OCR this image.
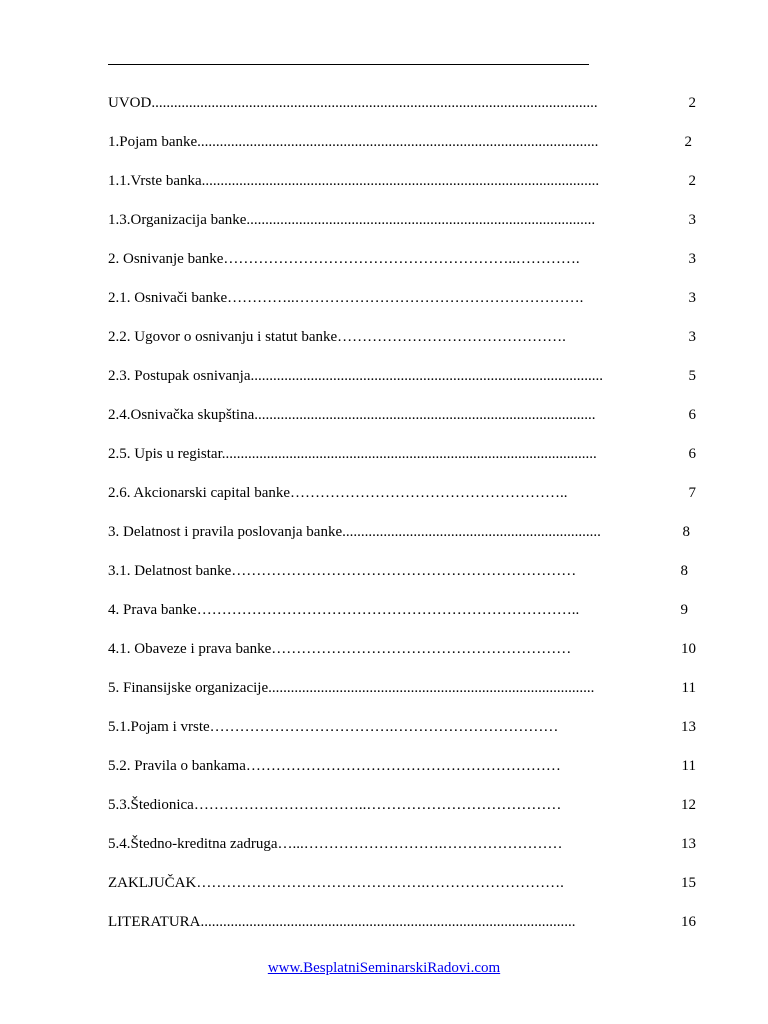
UVOD.......................................................................................................................	2
1.Pojam banke...........................................................................................................	2
1.1.Vrste banka..........................................................................................................	2
1.3.Organizacija banke.............................................................................................	3
2. Osnivanje banke…………………………………………………..………….	3
2.1. Osnivači banke…………..………………………………………………….	3
2.2. Ugovor o osnivanju i statut banke……………………………………….	3
2.3. Postupak osnivanja..............................................................................................	5
2.4.Osnivačka skupština...........................................................................................	6
2.5. Upis u registar....................................................................................................	6
2.6. Akcionarski capital banke………………………………………………..	7
3. Delatnost i pravila poslovanja banke.....................................................................	8
3.1. Delatnost banke……………………………………………………………	8
4. Prava banke…………………………………………………………………..	9
4.1. Obaveze i prava banke……………………………………………………	10
5. Finansijske organizacije.......................................................................................	11
5.1.Pojam i vrste……………………………….……………………………	13
5.2. Pravila o bankama………………………………………………………	11
5.3.Štedionica……………………………..…………………………………	12
5.4.Štedno-kreditna zadruga…...……………………….……………………	13
ZAKLJUČAK……………………………………….……………………….	15
LITERATURA....................................................................................................	16
www.BesplatniSeminarskiRadovi.com
